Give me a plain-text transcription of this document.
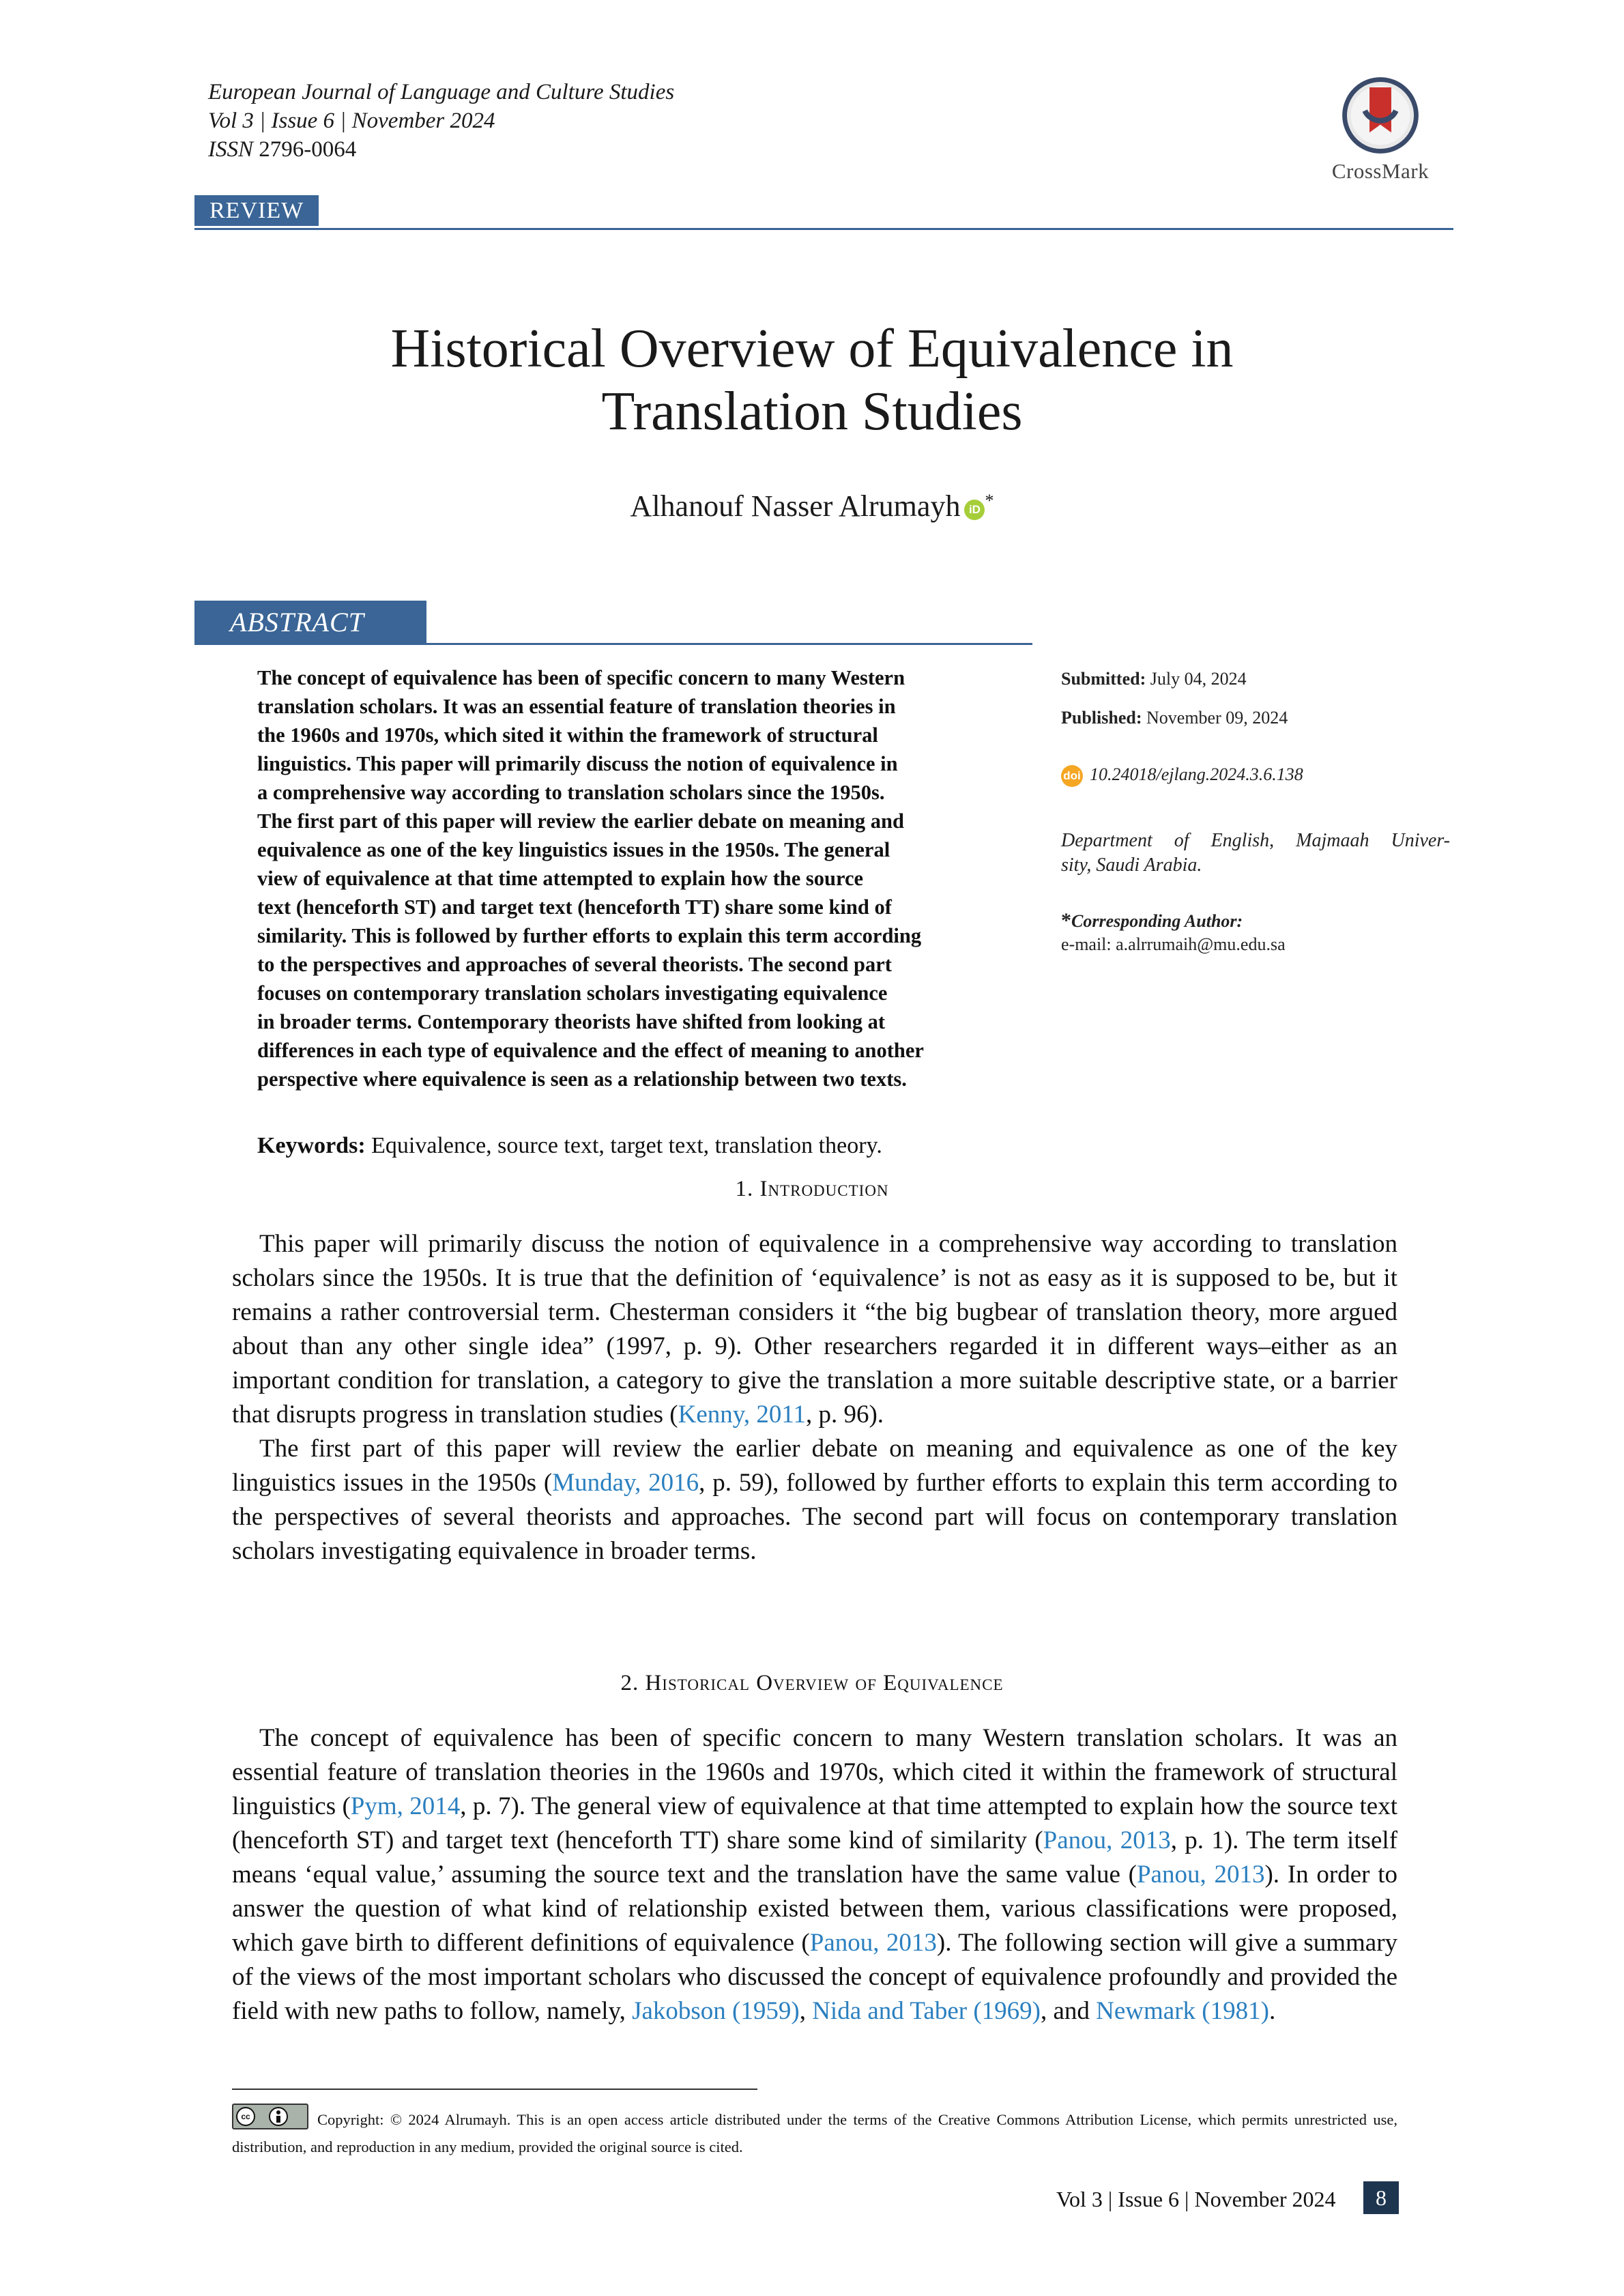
European Journal of Language and Culture Studies
Vol 3 | Issue 6 | November 2024
ISSN 2796-0064
CrossMark
REVIEW
Historical Overview of Equivalence in
Translation Studies
Alhanouf Nasser Alrumayh iD *
ABSTRACT
The concept of equivalence has been of specific concern to many Western
translation scholars. It was an essential feature of translation theories in
the 1960s and 1970s, which sited it within the framework of structural
linguistics. This paper will primarily discuss the notion of equivalence in
a comprehensive way according to translation scholars since the 1950s.
The first part of this paper will review the earlier debate on meaning and
equivalence as one of the key linguistics issues in the 1950s. The general
view of equivalence at that time attempted to explain how the source
text (henceforth ST) and target text (henceforth TT) share some kind of
similarity. This is followed by further efforts to explain this term according
to the perspectives and approaches of several theorists. The second part
focuses on contemporary translation scholars investigating equivalence
in broader terms. Contemporary theorists have shifted from looking at
differences in each type of equivalence and the effect of meaning to another
perspective where equivalence is seen as a relationship between two texts.
Submitted: July 04, 2024
Published: November 09, 2024
doi 10.24018/ejlang.2024.3.6.138
Department of English, Majmaah Univer-
sity, Saudi Arabia.
*Corresponding Author:
e-mail: a.alrrumaih@mu.edu.sa
Keywords: Equivalence, source text, target text, translation theory.
1. Introduction

This paper will primarily discuss the notion of equivalence in a comprehensive way according to translation scholars since the 1950s. It is true that the definition of ‘equivalence’ is not as easy as it is supposed to be, but it remains a rather controversial term. Chesterman considers it “the big bugbear of translation theory, more argued about than any other single idea” (1997, p. 9). Other researchers regarded it in different ways–either as an important condition for translation, a category to give the translation a more suitable descriptive state, or a barrier that disrupts progress in translation studies (Kenny, 2011, p. 96).

The first part of this paper will review the earlier debate on meaning and equivalence as one of the key linguistics issues in the 1950s (Munday, 2016, p. 59), followed by further efforts to explain this term according to the perspectives of several theorists and approaches. The second part will focus on contemporary translation scholars investigating equivalence in broader terms.

2. Historical Overview of Equivalence

The concept of equivalence has been of specific concern to many Western translation scholars. It was an essential feature of translation theories in the 1960s and 1970s, which cited it within the framework of structural linguistics (Pym, 2014, p. 7). The general view of equivalence at that time attempted to explain how the source text (henceforth ST) and target text (henceforth TT) share some kind of similarity (Panou, 2013, p. 1). The term itself means ‘equal value,’ assuming the source text and the translation have the same value (Panou, 2013). In order to answer the question of what kind of relationship existed between them, various classifications were proposed, which gave birth to different definitions of equivalence (Panou, 2013). The following section will give a summary of the views of the most important scholars who discussed the concept of equivalence profoundly and provided the field with new paths to follow, namely, Jakobson (1959), Nida and Taber (1969), and Newmark (1981).

cc	Copyright: © 2024 Alrumayh. This is an open access article distributed under the terms of the Creative Commons Attribution License, which permits unrestricted use, distribution, and reproduction in any medium, provided the original source is cited.
Vol 3 | Issue 6 | November 2024	8
